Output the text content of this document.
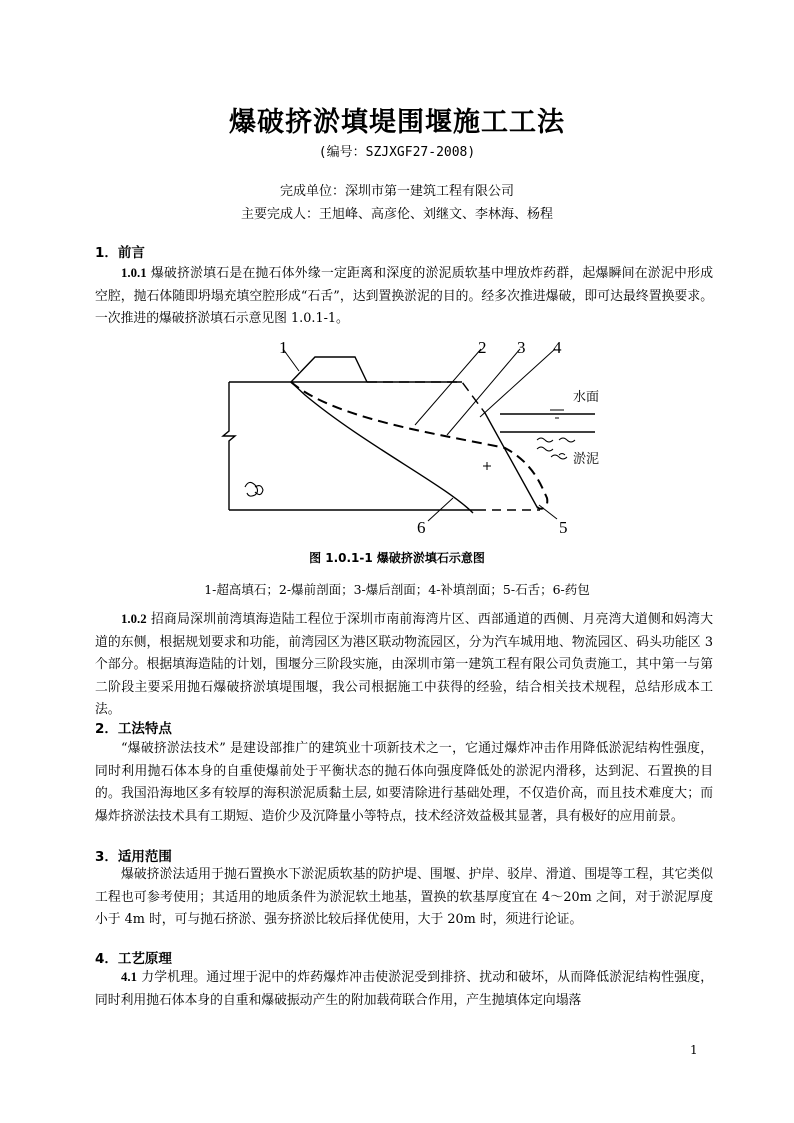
爆破挤淤填堤围堰施工工法
(编号：SZJXGF27-2008)
完成单位：深圳市第一建筑工程有限公司
主要完成人：王旭峰、高彦伦、刘继文、李林海、杨程
1．前言

1.0.1 爆破挤淤填石是在抛石体外缘一定距离和深度的淤泥质软基中埋放炸药群，起爆瞬间在淤泥中形成空腔，抛石体随即坍塌充填空腔形成“石舌”，达到置换淤泥的目的。经多次推进爆破，即可达最终置换要求。一次推进的爆破挤淤填石示意见图 1.0.1-1。

1	2 3 4
5
6
水面
淤泥
图 1.0.1-1 爆破挤淤填石示意图
1-超高填石；2-爆前剖面；3-爆后剖面；4-补填剖面；5-石舌；6-药包

1.0.2 招商局深圳前湾填海造陆工程位于深圳市南前海湾片区、西部通道的西侧、月亮湾大道侧和妈湾大道的东侧，根据规划要求和功能，前湾园区为港区联动物流园区，分为汽车城用地、物流园区、码头功能区 3 个部分。根据填海造陆的计划，围堰分三阶段实施，由深圳市第一建筑工程有限公司负责施工，其中第一与第二阶段主要采用抛石爆破挤淤填堤围堰，我公司根据施工中获得的经验，结合相关技术规程，总结形成本工法。

2．工法特点

“爆破挤淤法技术” 是建设部推广的建筑业十项新技术之一，它通过爆炸冲击作用降低淤泥结构性强度，同时利用抛石体本身的自重使爆前处于平衡状态的抛石体向强度降低处的淤泥内滑移，达到泥、石置换的目的。我国沿海地区多有较厚的海积淤泥质黏土层, 如要清除进行基础处理，不仅造价高，而且技术难度大；而爆炸挤淤法技术具有工期短、造价少及沉降量小等特点，技术经济效益极其显著，具有极好的应用前景。

3．适用范围

爆破挤淤法适用于抛石置换水下淤泥质软基的防护堤、围堰、护岸、驳岸、滑道、围堤等工程，其它类似工程也可参考使用；其适用的地质条件为淤泥软土地基，置换的软基厚度宜在 4～20m 之间，对于淤泥厚度小于 4m 时，可与抛石挤淤、强夯挤淤比较后择优使用，大于 20m 时，须进行论证。

4．工艺原理

4.1 力学机理。通过埋于泥中的炸药爆炸冲击使淤泥受到排挤、扰动和破坏，从而降低淤泥结构性强度，同时利用抛石体本身的自重和爆破振动产生的附加载荷联合作用，产生抛填体定向塌落

1
